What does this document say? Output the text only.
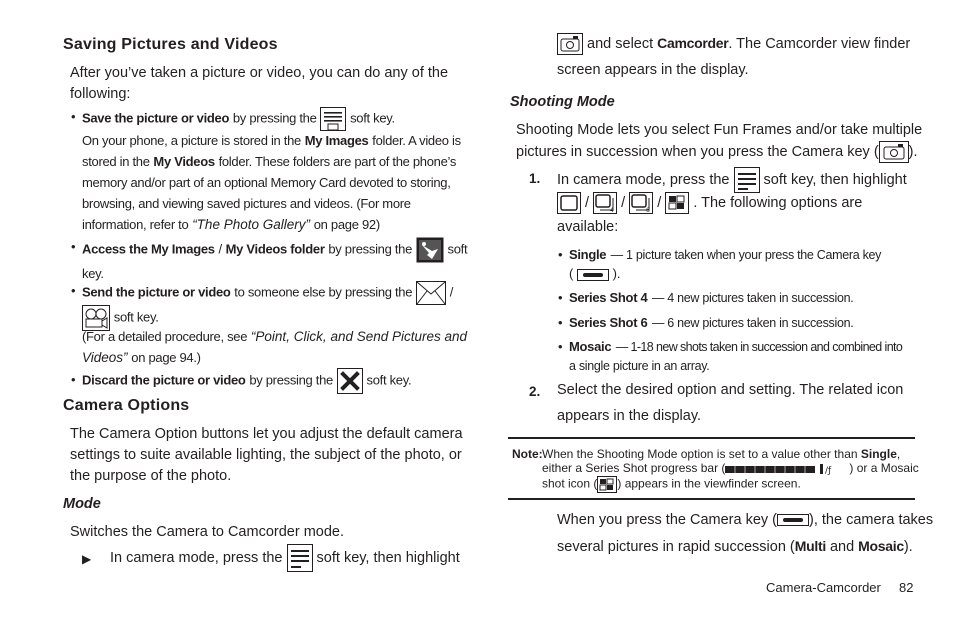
Saving Pictures and Videos
After you’ve taken a picture or video, you can do any of the following:
• Save the picture or video by pressing the	soft key.
On your phone, a picture is stored in the My Images folder. A video is stored in the My Videos folder. These folders are part of the phone’s memory and/or part of an optional Memory Card devoted to storing, browsing, and viewing saved pictures and videos. (For more information, refer to “The Photo Gallery” on page 92)
• Access the My Images / My Videos folder by pressing the	soft key.
• Send the picture or video to someone else by pressing the	/
soft key.
(For a detailed procedure, see “Point, Click, and Send Pictures and Videos” on page 94.)
• Discard the picture or video by pressing the	soft key.
Camera Options
The Camera Option buttons let you adjust the default camera settings to suite available lighting, the subject of the photo, or the purpose of the photo.
Mode
Switches the Camera to Camcorder mode.
▶ In camera mode, press the soft key, then highlight
and select Camcorder. The Camcorder view finder
screen appears in the display.
Shooting Mode
Shooting Mode lets you select Fun Frames and/or take multiple
pictures in succession when you press the Camera key ( ).
1. In camera mode, press the soft key, then highlight
/	4 /	6 / . The following options are
available:
• Single — 1 picture taken when your press the Camera key
(	).
• Series Shot 4 — 4 new pictures taken in succession.
• Series Shot 6 — 6 new pictures taken in succession.
• Mosaic — 1-18 new shots taken in succession and combined into
a single picture in an array.
2. Select the desired option and setting. The related icon
appears in the display.
Note: When the Shooting Mode option is set to a value other than Single,
either a Series Shot progress bar (	/ƒ ) or a Mosaic
shot icon ( ) appears in the viewfinder screen.
When you press the Camera key ( ), the camera takes
several pictures in rapid succession (Multi and Mosaic).
Camera-Camcorder 82
